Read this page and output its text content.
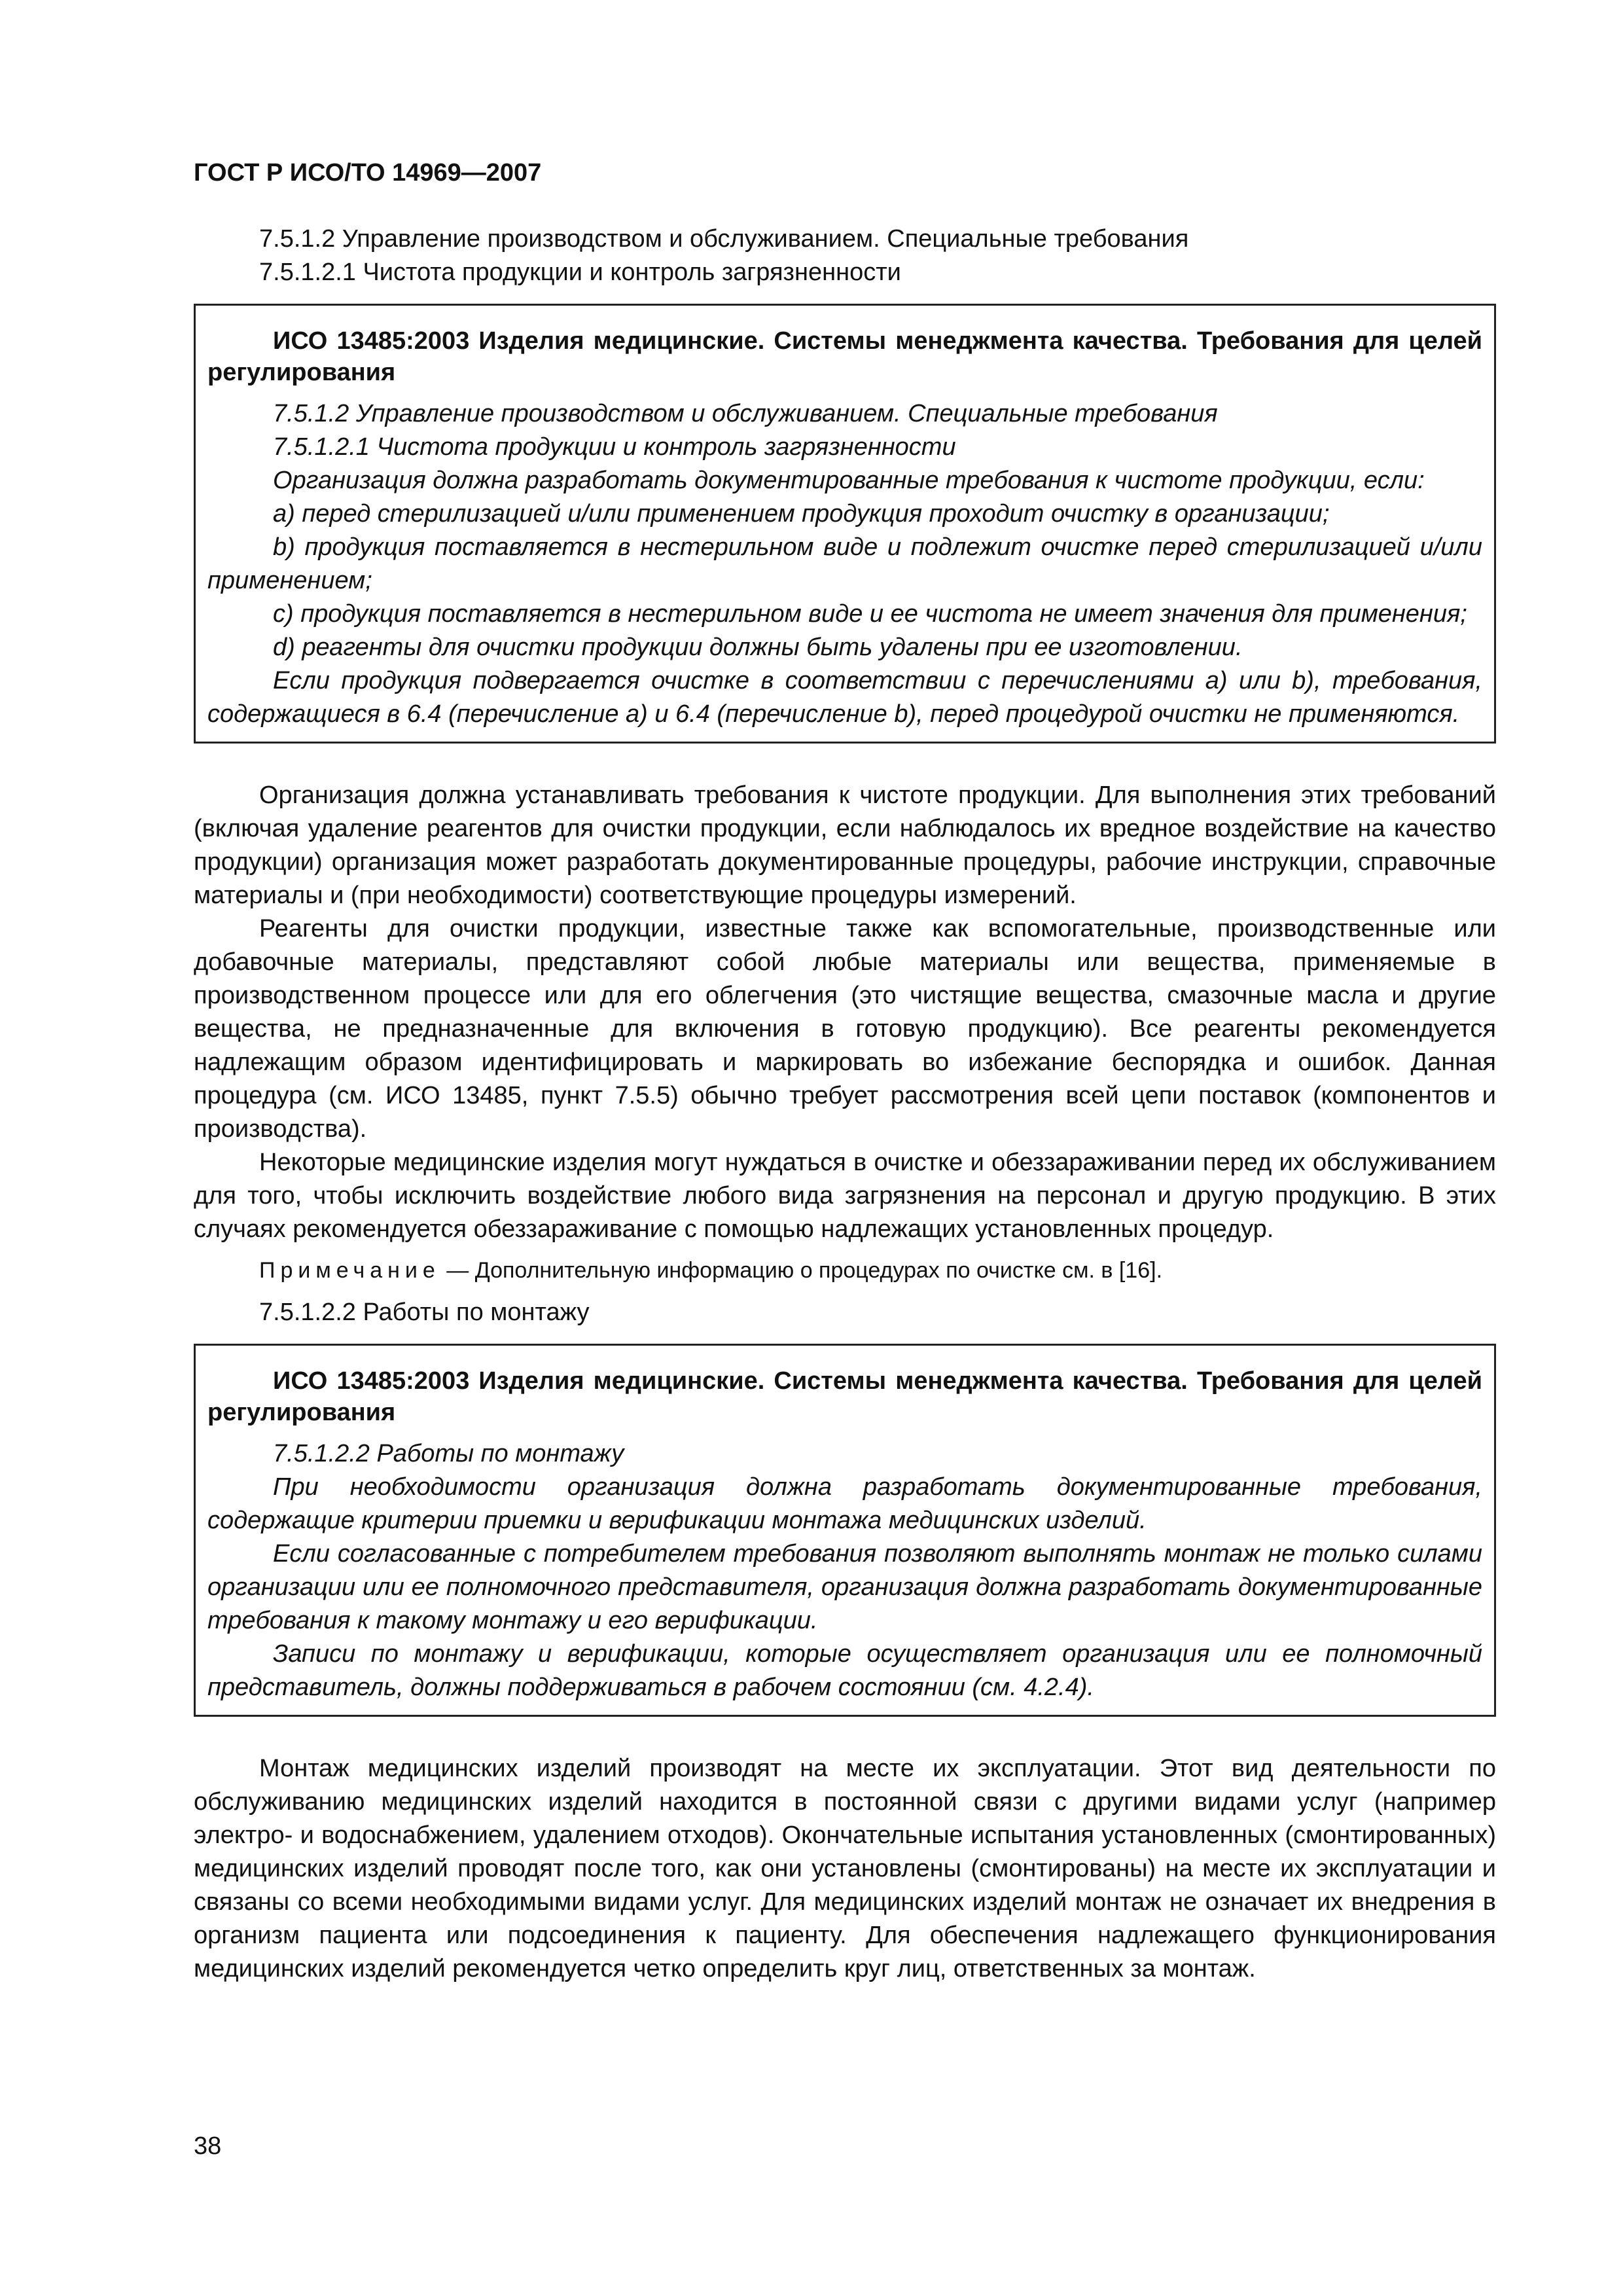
ГОСТ Р ИСО/ТО 14969—2007
7.5.1.2 Управление производством и обслуживанием. Специальные требования
7.5.1.2.1 Чистота продукции и контроль загрязненности
ИСО 13485:2003 Изделия медицинские. Системы менеджмента качества. Требования для целей регулирования

7.5.1.2 Управление производством и обслуживанием. Специальные требования

7.5.1.2.1 Чистота продукции и контроль загрязненности

Организация должна разработать документированные требования к чистоте продукции, если:

a) перед стерилизацией и/или применением продукция проходит очистку в организации;

b) продукция поставляется в нестерильном виде и подлежит очистке перед стерилизацией и/или применением;

c) продукция поставляется в нестерильном виде и ее чистота не имеет значения для применения;

d) реагенты для очистки продукции должны быть удалены при ее изготовлении.

Если продукция подвергается очистке в соответствии с перечислениями a) или b), требования, содержащиеся в 6.4 (перечисление a) и 6.4 (перечисление b), перед процедурой очистки не применяются.

Организация должна устанавливать требования к чистоте продукции. Для выполнения этих требований (включая удаление реагентов для очистки продукции, если наблюдалось их вредное воздействие на качество продукции) организация может разработать документированные процедуры, рабочие инструкции, справочные материалы и (при необходимости) соответствующие процедуры измерений.

Реагенты для очистки продукции, известные также как вспомогательные, производственные или добавочные материалы, представляют собой любые материалы или вещества, применяемые в производственном процессе или для его облегчения (это чистящие вещества, смазочные масла и другие вещества, не предназначенные для включения в готовую продукцию). Все реагенты рекомендуется надлежащим образом идентифицировать и маркировать во избежание беспорядка и ошибок. Данная процедура (см. ИСО 13485, пункт 7.5.5) обычно требует рассмотрения всей цепи поставок (компонентов и производства).

Некоторые медицинские изделия могут нуждаться в очистке и обеззараживании перед их обслуживанием для того, чтобы исключить воздействие любого вида загрязнения на персонал и другую продукцию. В этих случаях рекомендуется обеззараживание с помощью надлежащих установленных процедур.

Примечание — Дополнительную информацию о процедурах по очистке см. в [16].
7.5.1.2.2 Работы по монтажу
ИСО 13485:2003 Изделия медицинские. Системы менеджмента качества. Требования для целей регулирования

7.5.1.2.2 Работы по монтажу

При необходимости организация должна разработать документированные требования, содержащие критерии приемки и верификации монтажа медицинских изделий.

Если согласованные с потребителем требования позволяют выполнять монтаж не только силами организации или ее полномочного представителя, организация должна разработать документированные требования к такому монтажу и его верификации.

Записи по монтажу и верификации, которые осуществляет организация или ее полномочный представитель, должны поддерживаться в рабочем состоянии (см. 4.2.4).

Монтаж медицинских изделий производят на месте их эксплуатации. Этот вид деятельности по обслуживанию медицинских изделий находится в постоянной связи с другими видами услуг (например электро- и водоснабжением, удалением отходов). Окончательные испытания установленных (смонтированных) медицинских изделий проводят после того, как они установлены (смонтированы) на месте их эксплуатации и связаны со всеми необходимыми видами услуг. Для медицинских изделий монтаж не означает их внедрения в организм пациента или подсоединения к пациенту. Для обеспечения надлежащего функционирования медицинских изделий рекомендуется четко определить круг лиц, ответственных за монтаж.

38
